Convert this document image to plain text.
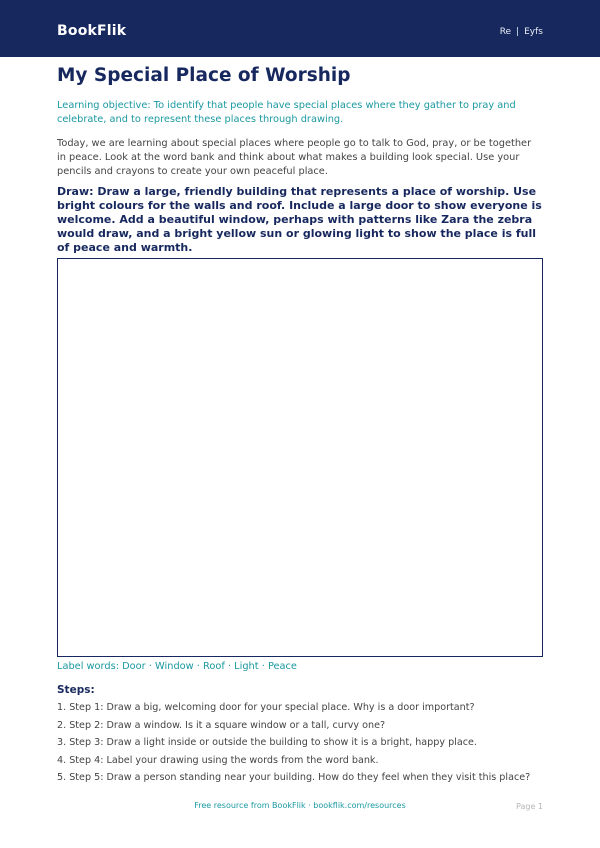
BookFlik	Re | Eyfs
My Special Place of Worship

Learning objective: To identify that people have special places where they gather to pray and celebrate, and to represent these places through drawing.

Today, we are learning about special places where people go to talk to God, pray, or be together in peace. Look at the word bank and think about what makes a building look special. Use your pencils and crayons to create your own peaceful place.

Draw: Draw a large, friendly building that represents a place of worship. Use bright colours for the walls and roof. Include a large door to show everyone is welcome. Add a beautiful window, perhaps with patterns like Zara the zebra would draw, and a bright yellow sun or glowing light to show the place is full of peace and warmth.

Label words: Door · Window · Roof · Light · Peace
Steps:
1. Step 1: Draw a big, welcoming door for your special place. Why is a door important?
2. Step 2: Draw a window. Is it a square window or a tall, curvy one?
3. Step 3: Draw a light inside or outside the building to show it is a bright, happy place.
4. Step 4: Label your drawing using the words from the word bank.
5. Step 5: Draw a person standing near your building. How do they feel when they visit this place?
Free resource from BookFlik · bookflik.com/resources	Page 1
